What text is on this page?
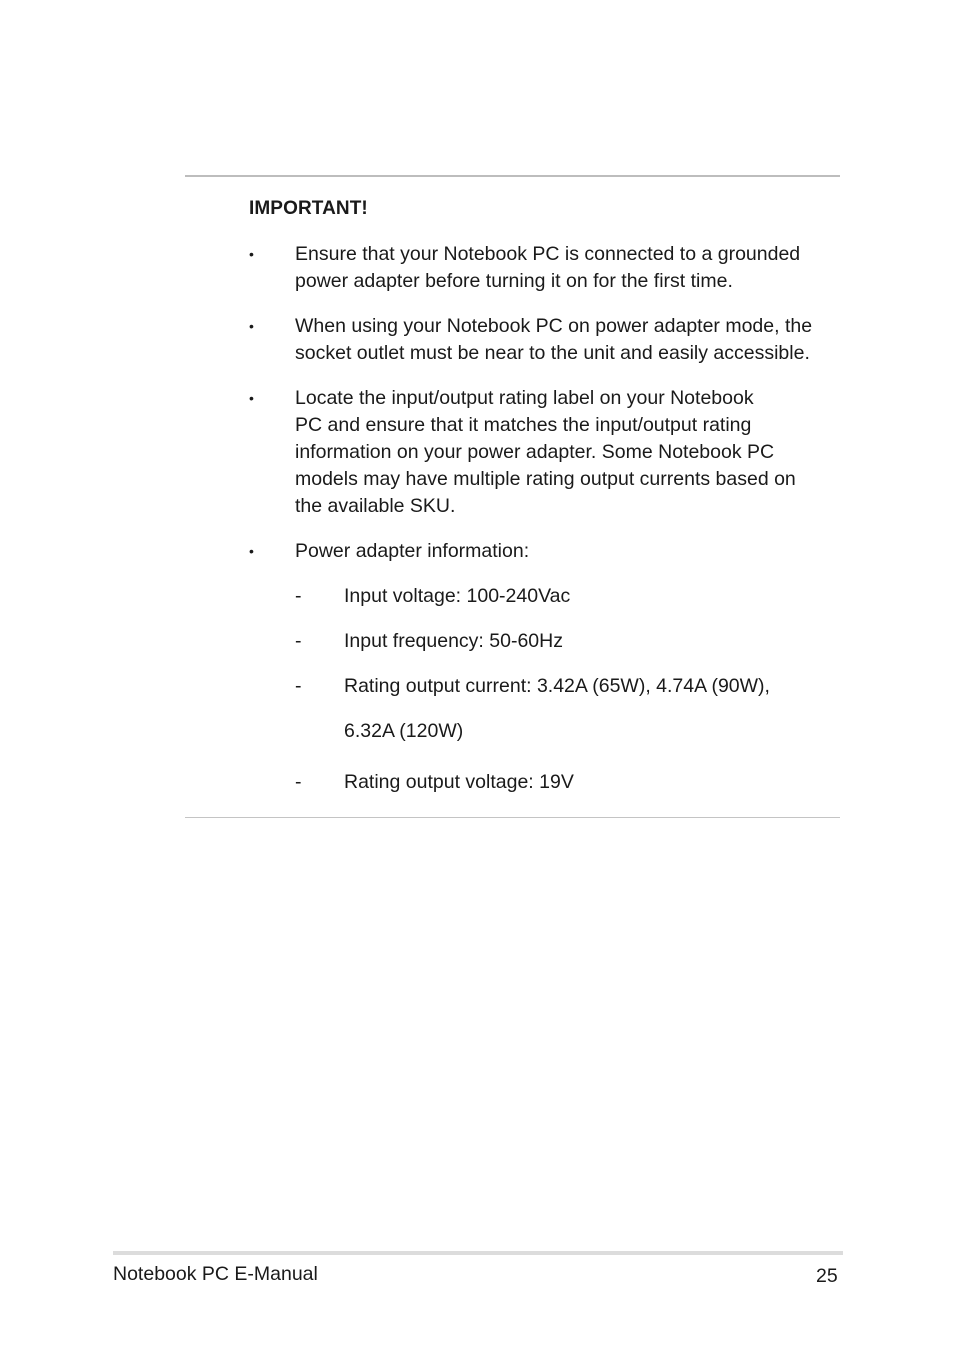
IMPORTANT!
•	Ensure that your Notebook PC is connected to a grounded
power adapter before turning it on for the first time.
•	When using your Notebook PC on power adapter mode, the
socket outlet must be near to the unit and easily accessible.
•	Locate the input/output rating label on your Notebook
PC and ensure that it matches the input/output rating
information on your power adapter. Some Notebook PC
models may have multiple rating output currents based on
the available SKU.
•	Power adapter information:
- Input voltage: 100-240Vac
- Input frequency: 50-60Hz
- Rating output current: 3.42A (65W), 4.74A (90W),
6.32A (120W)
- Rating output voltage: 19V
Notebook PC E-Manual	25
